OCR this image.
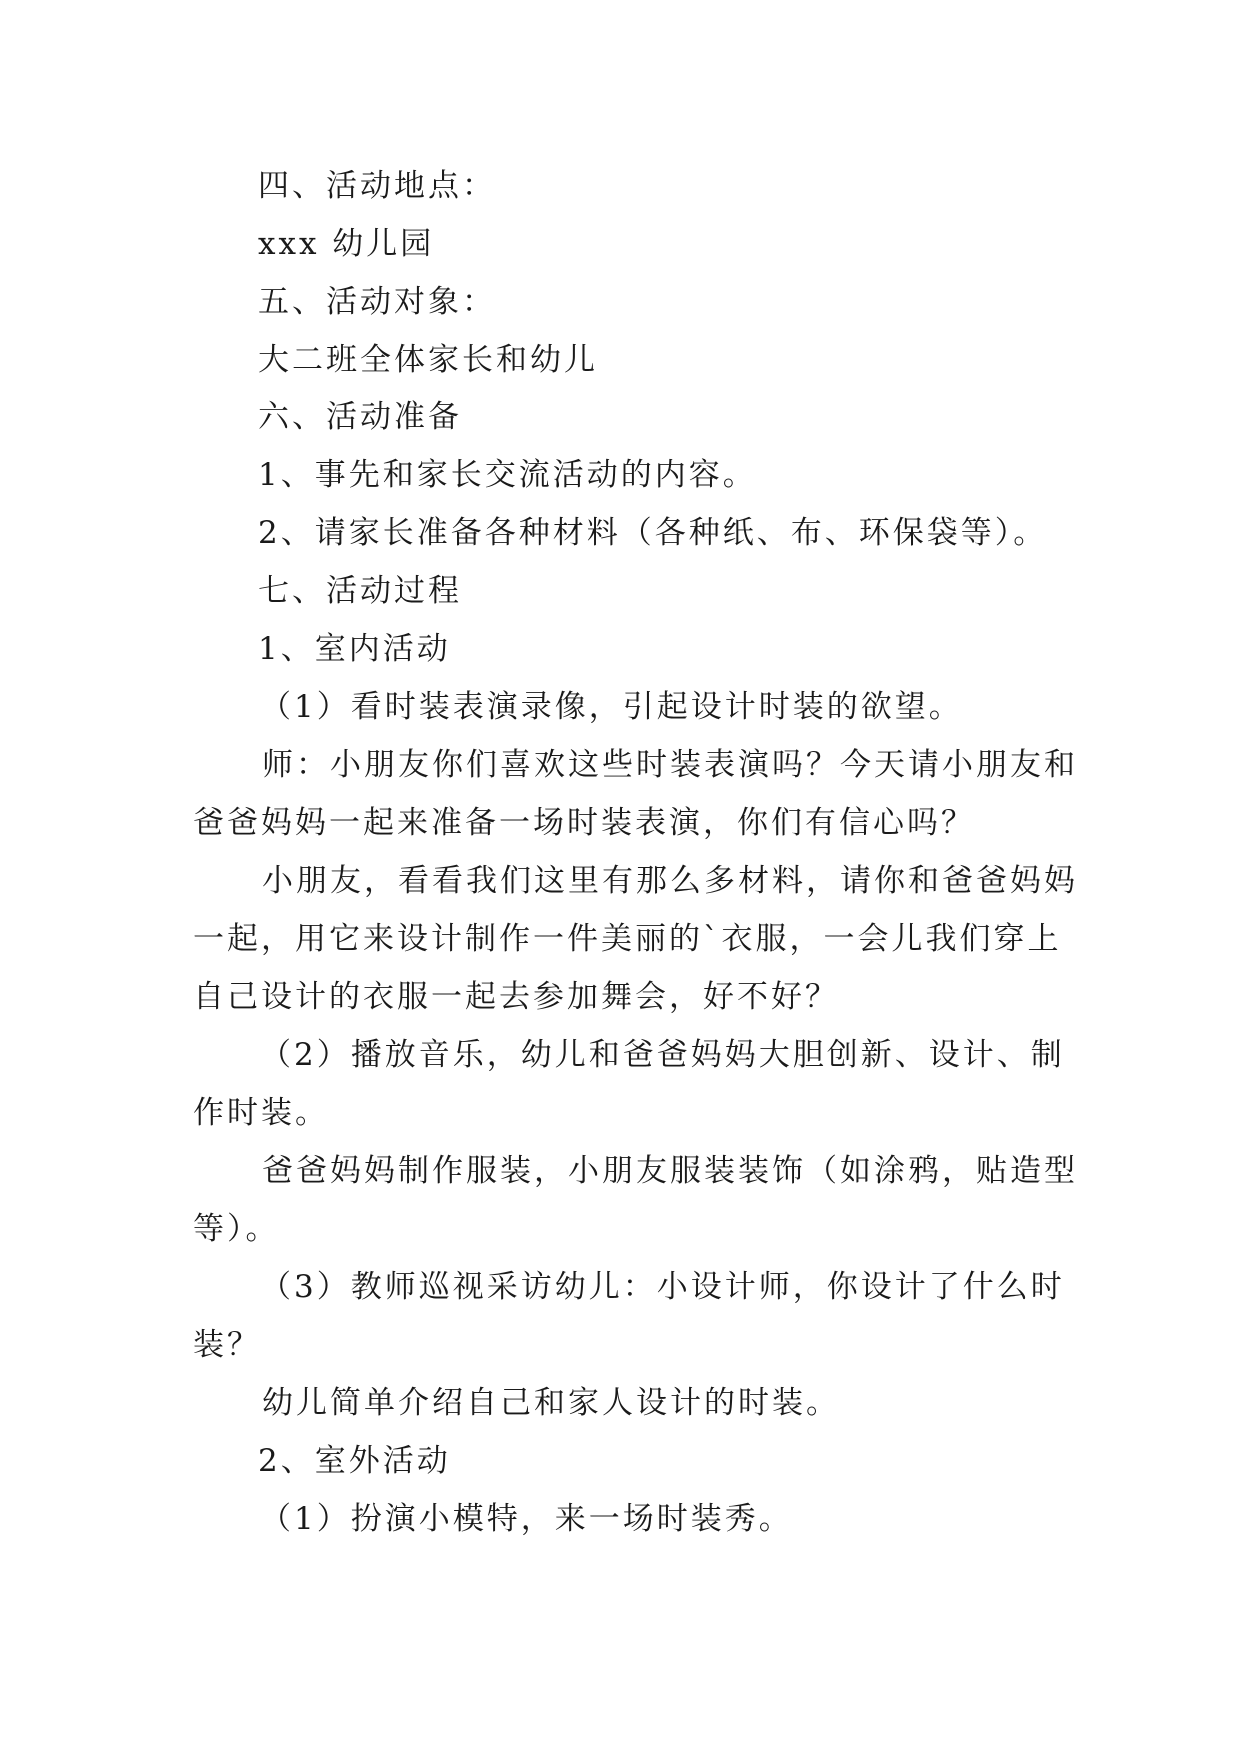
四、活动地点：
xxx 幼儿园
五、活动对象：
大二班全体家长和幼儿
六、活动准备
1、事先和家长交流活动的内容。
2、请家长准备各种材料（各种纸、布、环保袋等）。
七、活动过程
1、室内活动
（1）看时装表演录像，引起设计时装的欲望。
师：小朋友你们喜欢这些时装表演吗？今天请小朋友和
爸爸妈妈一起来准备一场时装表演，你们有信心吗？
小朋友，看看我们这里有那么多材料，请你和爸爸妈妈
一起，用它来设计制作一件美丽的`衣服，一会儿我们穿上
自己设计的衣服一起去参加舞会，好不好？
（2）播放音乐，幼儿和爸爸妈妈大胆创新、设计、制
作时装。
爸爸妈妈制作服装，小朋友服装装饰（如涂鸦，贴造型
等）。
（3）教师巡视采访幼儿：小设计师，你设计了什么时
装？
幼儿简单介绍自己和家人设计的时装。
2、室外活动
（1）扮演小模特，来一场时装秀。
